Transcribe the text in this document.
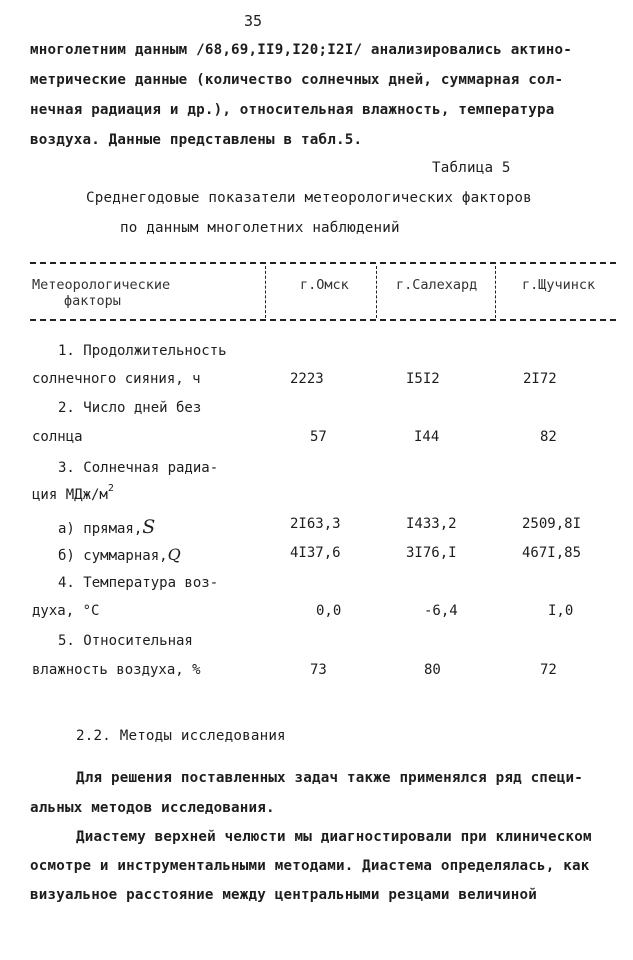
35
многолетним данным /68,69,II9,I20;I2I/ анализировались актино-
метрические данные (количество солнечных дней, суммарная сол-
нечная радиация и др.), относительная влажность, температура
воздуха. Данные представлены в табл.5.
Таблица 5
Среднегодовые показатели метеорологических факторов
по данным многолетних наблюдений
Метеорологические
факторы
г.Омск	г.Салехард	г.Щучинск
1. Продолжительность
солнечного сияния, ч	2223	I5I2	2I72
2. Число дней без
солнца	57	I44	82
3. Солнечная радиа-
ция МДж/$м^2$
а) прямая,S	2I63,3	I433,2	2509,8I
б) суммарная,Q	4I37,6	3I76,I	467I,85
4. Температура воз-
духа, °С	0,0	-6,4	I,0
5. Относительная
влажность воздуха, %	73	80	72
2.2. Методы исследования
Для решения поставленных задач также применялся ряд специ-
альных методов исследования.
Диастему верхней челюсти мы диагностировали при клиническом
осмотре и инструментальными методами. Диастема определялась, как
визуальное расстояние между центральными резцами величиной
